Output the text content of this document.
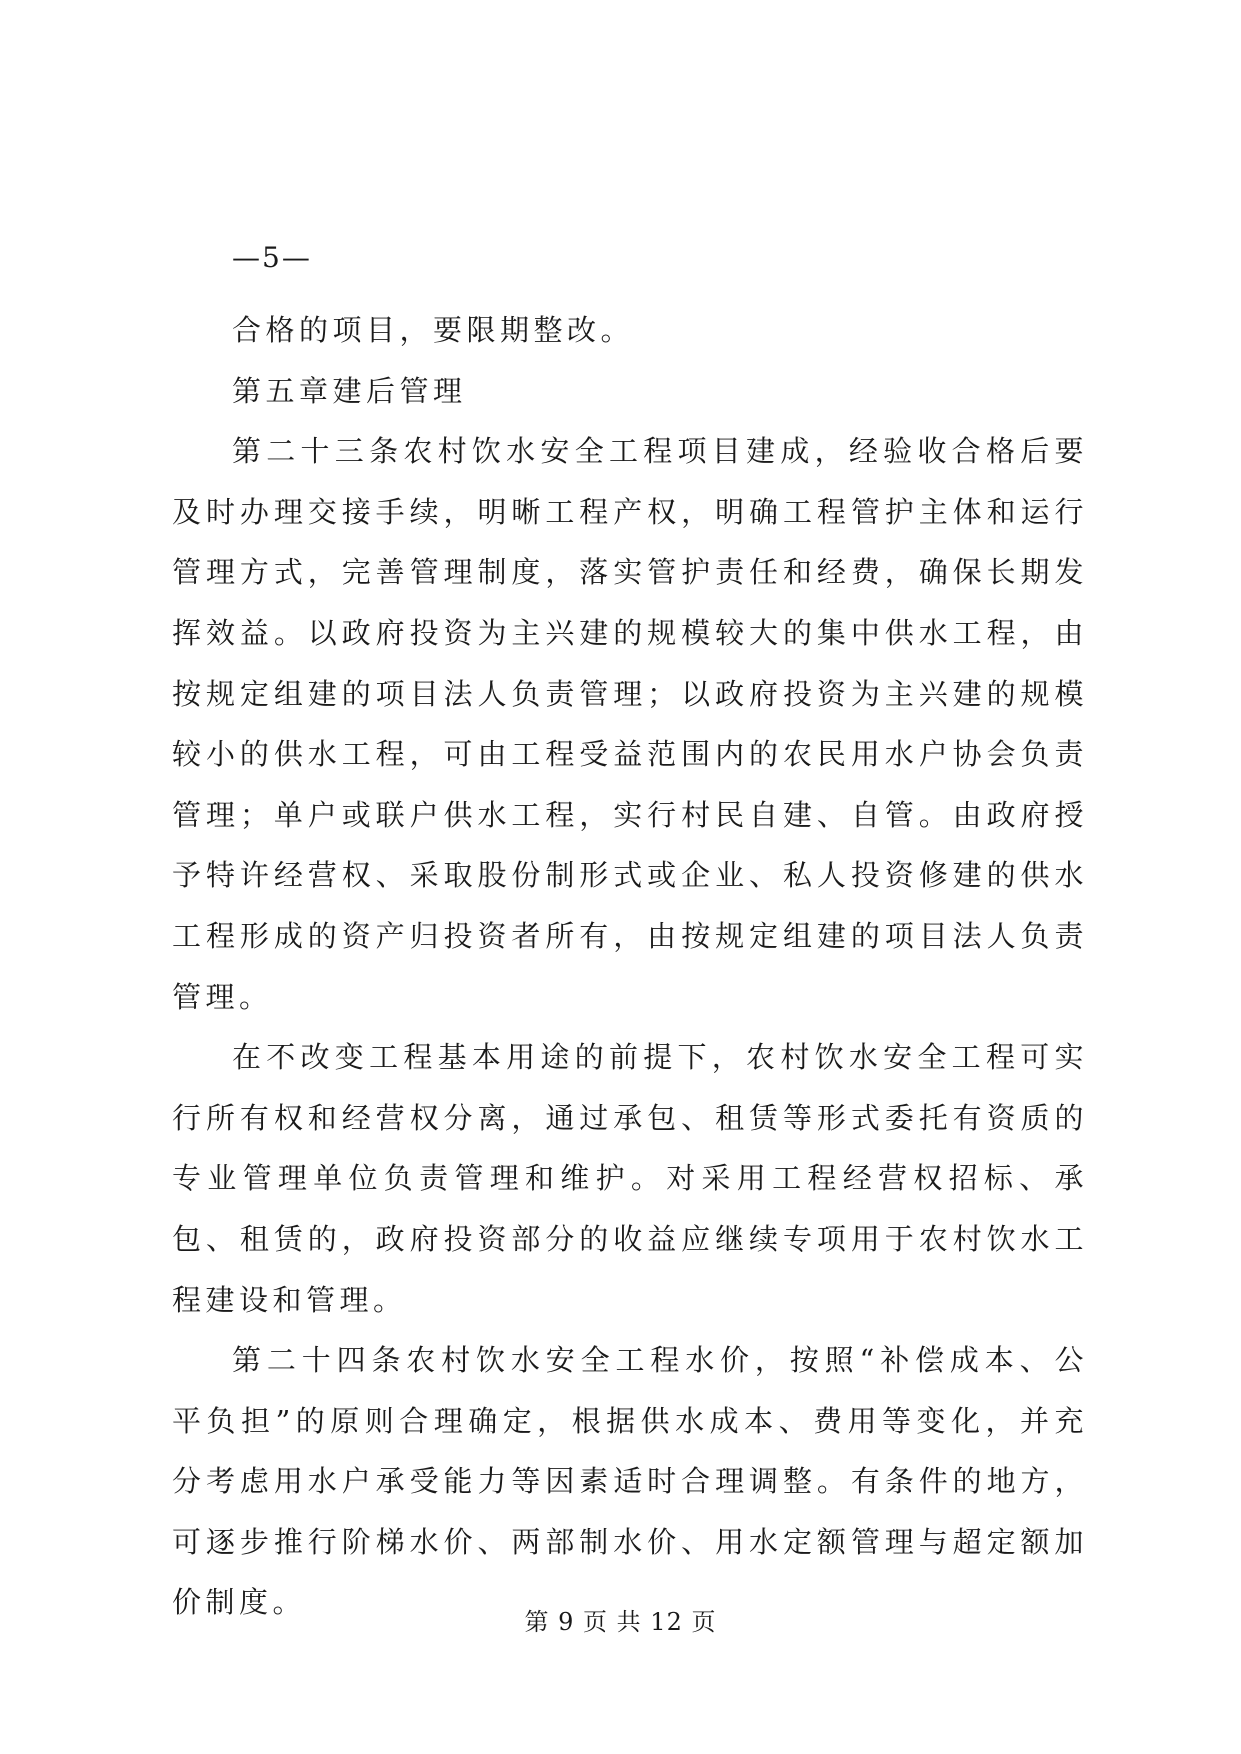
—5—

合格的项目，要限期整改。

第五章建后管理

第二十三条农村饮水安全工程项目建成，经验收合格后要及时办理交接手续，明晰工程产权，明确工程管护主体和运行管理方式，完善管理制度，落实管护责任和经费，确保长期发挥效益。以政府投资为主兴建的规模较大的集中供水工程，由按规定组建的项目法人负责管理；以政府投资为主兴建的规模较小的供水工程，可由工程受益范围内的农民用水户协会负责管理；单户或联户供水工程，实行村民自建、自管。由政府授予特许经营权、采取股份制形式或企业、私人投资修建的供水工程形成的资产归投资者所有，由按规定组建的项目法人负责管理。

在不改变工程基本用途的前提下，农村饮水安全工程可实行所有权和经营权分离，通过承包、租赁等形式委托有资质的专业管理单位负责管理和维护。对采用工程经营权招标、承包、租赁的，政府投资部分的收益应继续专项用于农村饮水工程建设和管理。

第二十四条农村饮水安全工程水价，按照“补偿成本、公平负担”的原则合理确定，根据供水成本、费用等变化，并充分考虑用水户承受能力等因素适时合理调整。有条件的地方，可逐步推行阶梯水价、两部制水价、用水定额管理与超定额加价制度。

第 9 页 共 12 页
